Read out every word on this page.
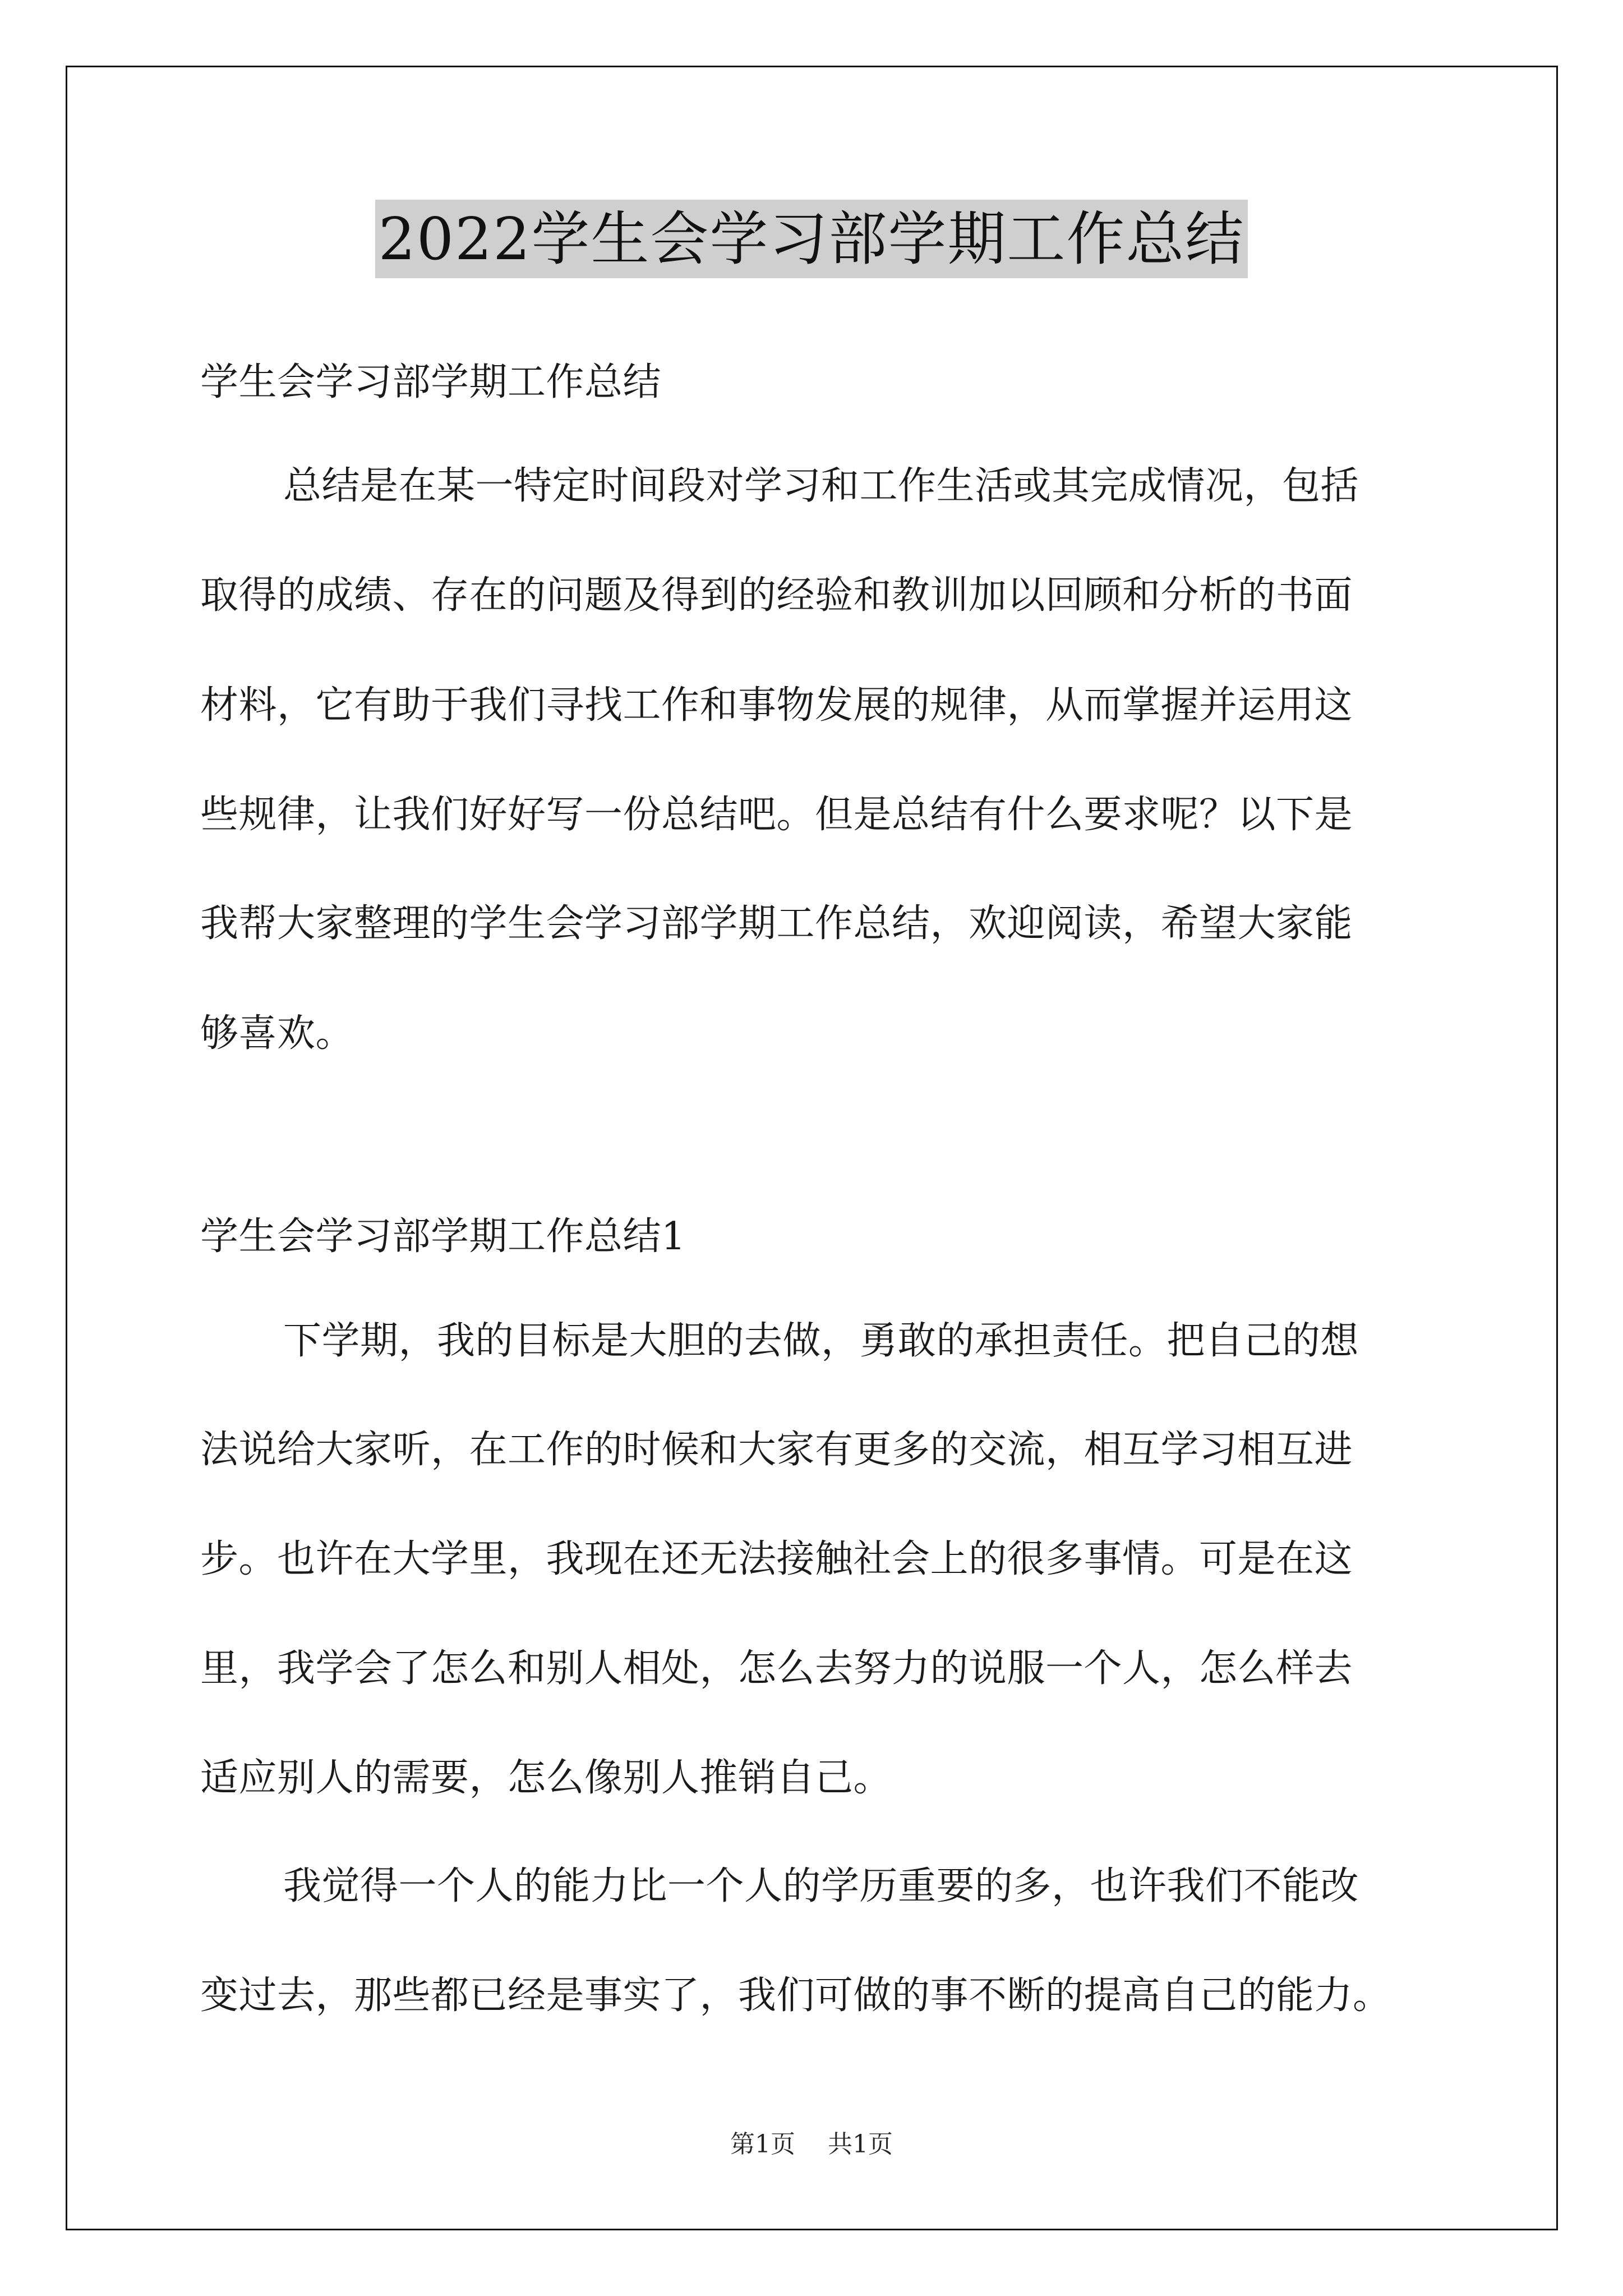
2022学生会学习部学期工作总结
学生会学习部学期工作总结
总结是在某一特定时间段对学习和工作生活或其完成情况，包括
取得的成绩、存在的问题及得到的经验和教训加以回顾和分析的书面
材料，它有助于我们寻找工作和事物发展的规律，从而掌握并运用这
些规律，让我们好好写一份总结吧。但是总结有什么要求呢？以下是
我帮大家整理的学生会学习部学期工作总结，欢迎阅读，希望大家能
够喜欢。
学生会学习部学期工作总结1
下学期，我的目标是大胆的去做，勇敢的承担责任。把自己的想
法说给大家听，在工作的时候和大家有更多的交流，相互学习相互进
步。也许在大学里，我现在还无法接触社会上的很多事情。可是在这
里，我学会了怎么和别人相处，怎么去努力的说服一个人，怎么样去
适应别人的需要，怎么像别人推销自己。
我觉得一个人的能力比一个人的学历重要的多，也许我们不能改
变过去，那些都已经是事实了，我们可做的事不断的提高自己的能力。
第1页 共1页
